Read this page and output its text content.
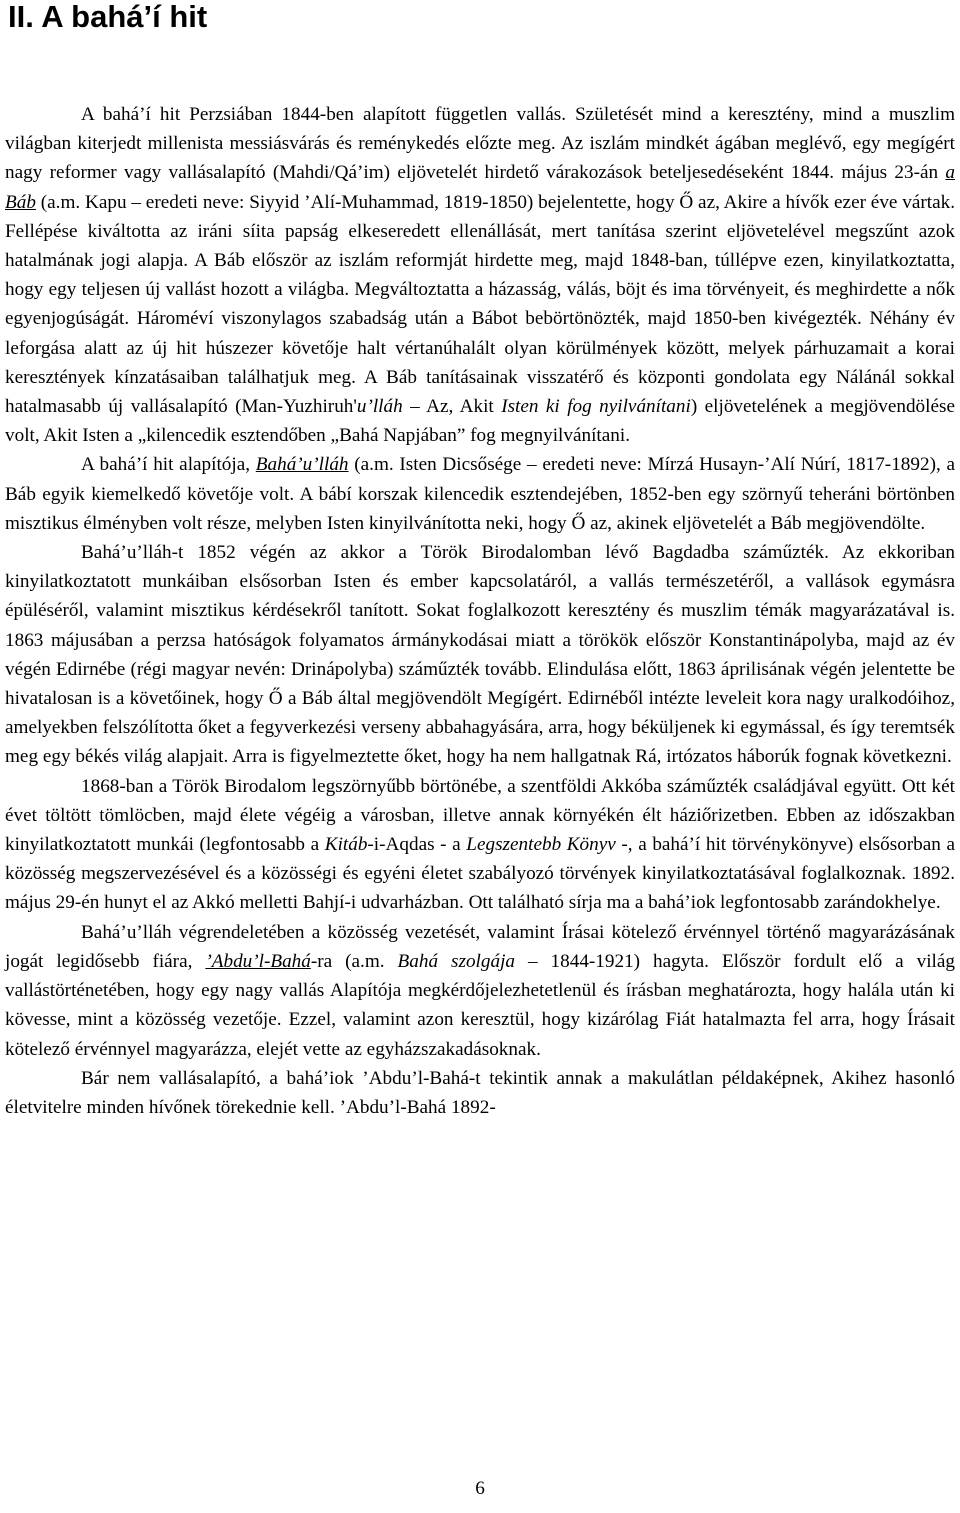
II. A bahá’í hit

A bahá’í hit Perzsiában 1844-ben alapított független vallás. Születését mind a keresztény, mind a muszlim világban kiterjedt millenista messiásvárás és reménykedés előzte meg. Az iszlám mindkét ágában meglévő, egy megígért nagy reformer vagy vallásalapító (Mahdi/Qá’im) eljövetelét hirdető várakozások beteljesedéseként 1844. május 23-án a Báb (a.m. Kapu – eredeti neve: Siyyid ’Alí-Muhammad, 1819-1850) bejelentette, hogy Ő az, Akire a hívők ezer éve vártak. Fellépése kiváltotta az iráni síita papság elkeseredett ellenállását, mert tanítása szerint eljövetelével megszűnt azok hatalmának jogi alapja. A Báb először az iszlám reformját hirdette meg, majd 1848-ban, túllépve ezen, kinyilatkoztatta, hogy egy teljesen új vallást hozott a világba. Megváltoztatta a házasság, válás, böjt és ima törvényeit, és meghirdette a nők egyenjogúságát. Hároméví viszonylagos szabadság után a Bábot bebörtönözték, majd 1850-ben kivégezték. Néhány év leforgása alatt az új hit húszezer követője halt vértanúhalált olyan körülmények között, melyek párhuzamait a korai keresztények kínzatásaiban találhatjuk meg. A Báb tanításainak visszatérő és központi gondolata egy Nálánál sokkal hatalmasabb új vallásalapító (Man-Yuzhiruh'u’lláh – Az, Akit Isten ki fog nyilvánítani) eljövetelének a megjövendölése volt, Akit Isten a „kilencedik esztendőben „Bahá Napjában” fog megnyilvánítani.

A bahá’í hit alapítója, Bahá’u’lláh (a.m. Isten Dicsősége – eredeti neve: Mírzá Husayn-’Alí Núrí, 1817-1892), a Báb egyik kiemelkedő követője volt. A bábí korszak kilencedik esztendejében, 1852-ben egy szörnyű teheráni börtönben misztikus élményben volt része, melyben Isten kinyilvánította neki, hogy Ő az, akinek eljövetelét a Báb megjövendölte.

Bahá’u’lláh-t 1852 végén az akkor a Török Birodalomban lévő Bagdadba száműzték. Az ekkoriban kinyilatkoztatott munkáiban elsősorban Isten és ember kapcsolatáról, a vallás természetéről, a vallások egymásra épüléséről, valamint misztikus kérdésekről tanított. Sokat foglalkozott keresztény és muszlim témák magyarázatával is. 1863 májusában a perzsa hatóságok folyamatos ármánykodásai miatt a törökök először Konstantinápolyba, majd az év végén Edirnébe (régi magyar nevén: Drinápolyba) száműzték tovább. Elindulása előtt, 1863 áprilisának végén jelentette be hivatalosan is a követőinek, hogy Ő a Báb által megjövendölt Megígért. Edirnéből intézte leveleit kora nagy uralkodóihoz, amelyekben felszólította őket a fegyverkezési verseny abbahagyására, arra, hogy béküljenek ki egymással, és így teremtsék meg egy békés világ alapjait. Arra is figyelmeztette őket, hogy ha nem hallgatnak Rá, irtózatos háborúk fognak következni.

1868-ban a Török Birodalom legszörnyűbb börtönébe, a szentföldi Akkóba száműzték családjával együtt. Ott két évet töltött tömlöcben, majd élete végéig a városban, illetve annak környékén élt háziőrizetben. Ebben az időszakban kinyilatkoztatott munkái (legfontosabb a Kitáb-i-Aqdas - a Legszentebb Könyv -, a bahá’í hit törvénykönyve) elsősorban a közösség megszervezésével és a közösségi és egyéni életet szabályozó törvények kinyilatkoztatásával foglalkoznak. 1892. május 29-én hunyt el az Akkó melletti Bahjí-i udvarházban. Ott található sírja ma a bahá’iok legfontosabb zarándokhelye.

Bahá’u’lláh végrendeletében a közösség vezetését, valamint Írásai kötelező érvénnyel történő magyarázásának jogát legidősebb fiára, ’Abdu’l-Bahá-ra (a.m. Bahá szolgája – 1844-1921) hagyta. Először fordult elő a világ vallástörténetében, hogy egy nagy vallás Alapítója megkérdőjelezhetetlenül és írásban meghatározta, hogy halála után ki kövesse, mint a közösség vezetője. Ezzel, valamint azon keresztül, hogy kizárólag Fiát hatalmazta fel arra, hogy Írásait kötelező érvénnyel magyarázza, elejét vette az egyházszakadásoknak.

Bár nem vallásalapító, a bahá’iok ’Abdu’l-Bahá-t tekintik annak a makulátlan példaképnek, Akihez hasonló életvitelre minden hívőnek törekednie kell. ’Abdu’l-Bahá 1892-

6
